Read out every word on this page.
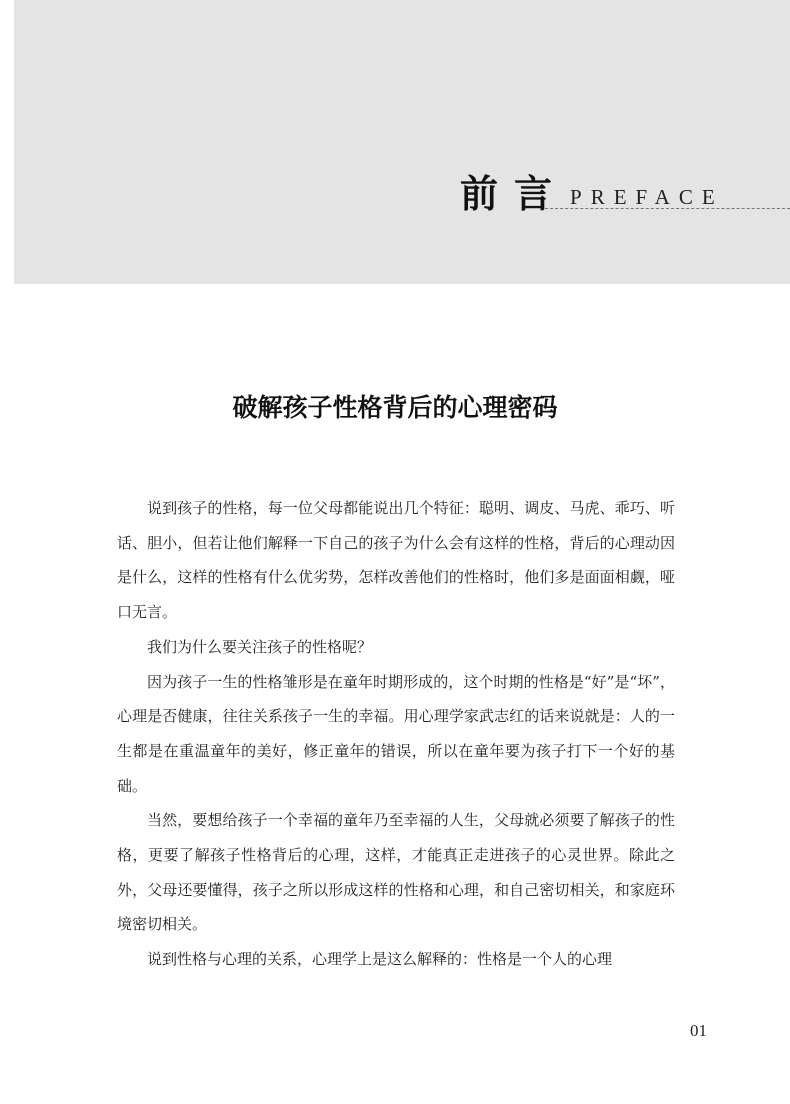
前言 PREFACE
破解孩子性格背后的心理密码

说到孩子的性格，每一位父母都能说出几个特征：聪明、调皮、马虎、乖巧、听话、胆小，但若让他们解释一下自己的孩子为什么会有这样的性格，背后的心理动因是什么，这样的性格有什么优劣势，怎样改善他们的性格时，他们多是面面相觑，哑口无言。

我们为什么要关注孩子的性格呢？

因为孩子一生的性格雏形是在童年时期形成的，这个时期的性格是“好”是“坏”，心理是否健康，往往关系孩子一生的幸福。用心理学家武志红的话来说就是：人的一生都是在重温童年的美好，修正童年的错误，所以在童年要为孩子打下一个好的基础。

当然，要想给孩子一个幸福的童年乃至幸福的人生，父母就必须要了解孩子的性格，更要了解孩子性格背后的心理，这样，才能真正走进孩子的心灵世界。除此之外，父母还要懂得，孩子之所以形成这样的性格和心理，和自己密切相关，和家庭环境密切相关。

说到性格与心理的关系，心理学上是这么解释的：性格是一个人的心理

01
